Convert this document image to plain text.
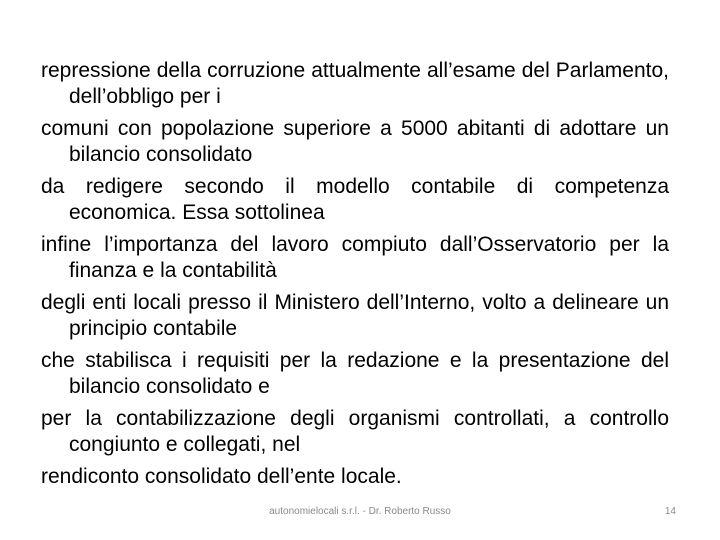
repressione della corruzione attualmente all’esame del Parlamento, dell’obbligo per i

comuni con popolazione superiore a 5000 abitanti di adottare un bilancio consolidato

da redigere secondo il modello contabile di competenza economica. Essa sottolinea

infine l’importanza del lavoro compiuto dall’Osservatorio per la finanza e la contabilità

degli enti locali presso il Ministero dell’Interno, volto a delineare un principio contabile

che stabilisca i requisiti per la redazione e la presentazione del bilancio consolidato e

per la contabilizzazione degli organismi controllati, a controllo congiunto e collegati, nel

rendiconto consolidato dell’ente locale.

autonomielocali s.r.l. - Dr. Roberto Russo	14
